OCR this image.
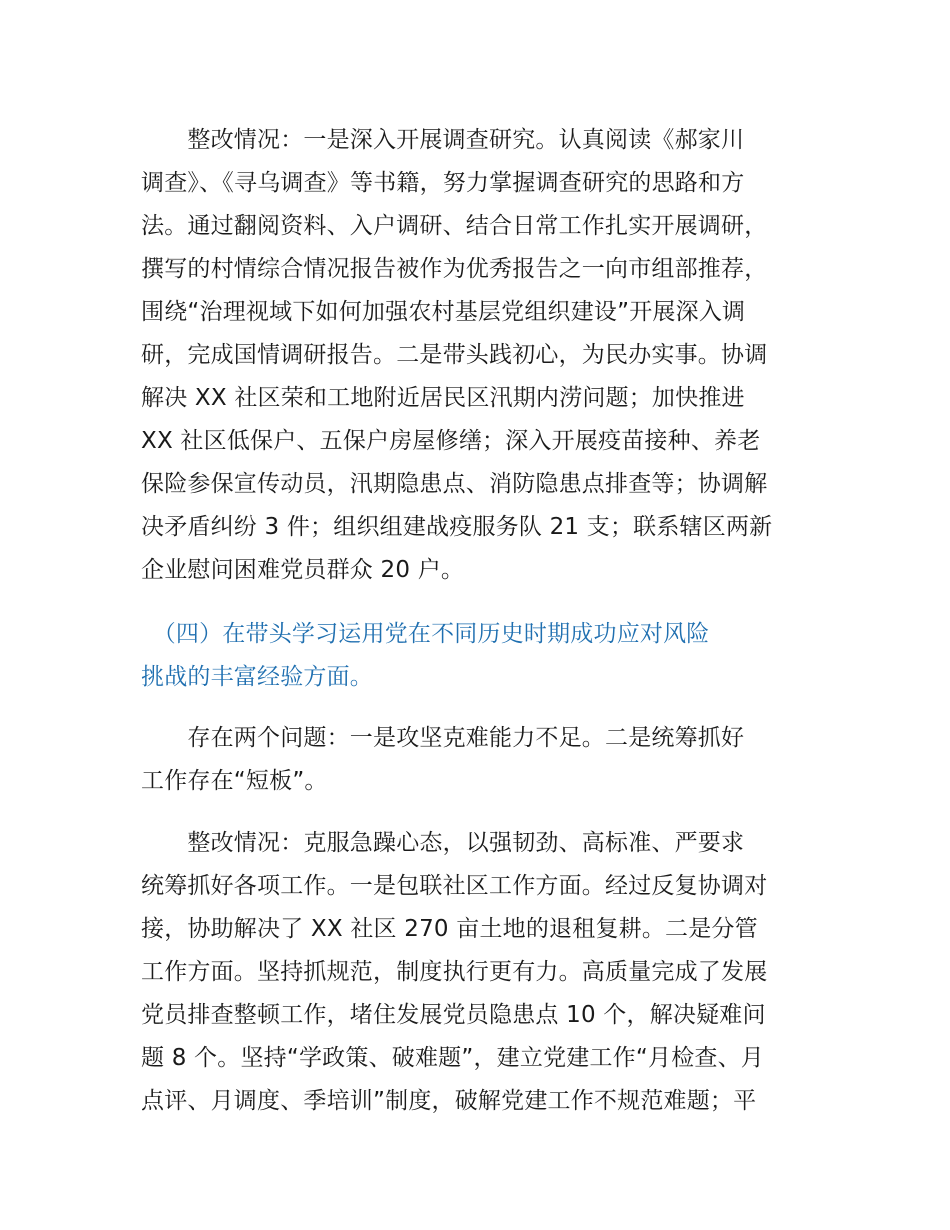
　　整改情况：一是深入开展调查研究。认真阅读《郝家川
调查》、《寻乌调查》等书籍，努力掌握调查研究的思路和方
法。通过翻阅资料、入户调研、结合日常工作扎实开展调研，
撰写的村情综合情况报告被作为优秀报告之一向市组部推荐，
围绕“治理视域下如何加强农村基层党组织建设”开展深入调
研，完成国情调研报告。二是带头践初心，为民办实事。协调
解决 XX 社区荣和工地附近居民区汛期内涝问题；加快推进
XX 社区低保户、五保户房屋修缮；深入开展疫苗接种、养老
保险参保宣传动员，汛期隐患点、消防隐患点排查等；协调解
决矛盾纠纷 3 件；组织组建战疫服务队 21 支；联系辖区两新
企业慰问困难党员群众 20 户。
　（四）在带头学习运用党在不同历史时期成功应对风险
挑战的丰富经验方面。
　　存在两个问题：一是攻坚克难能力不足。二是统筹抓好
工作存在“短板”。
　　整改情况：克服急躁心态，以强韧劲、高标准、严要求
统筹抓好各项工作。一是包联社区工作方面。经过反复协调对
接，协助解决了 XX 社区 270 亩土地的退租复耕。二是分管
工作方面。坚持抓规范，制度执行更有力。高质量完成了发展
党员排查整顿工作，堵住发展党员隐患点 10 个，解决疑难问
题 8 个。坚持“学政策、破难题”，建立党建工作“月检查、月
点评、月调度、季培训”制度，破解党建工作不规范难题；平
